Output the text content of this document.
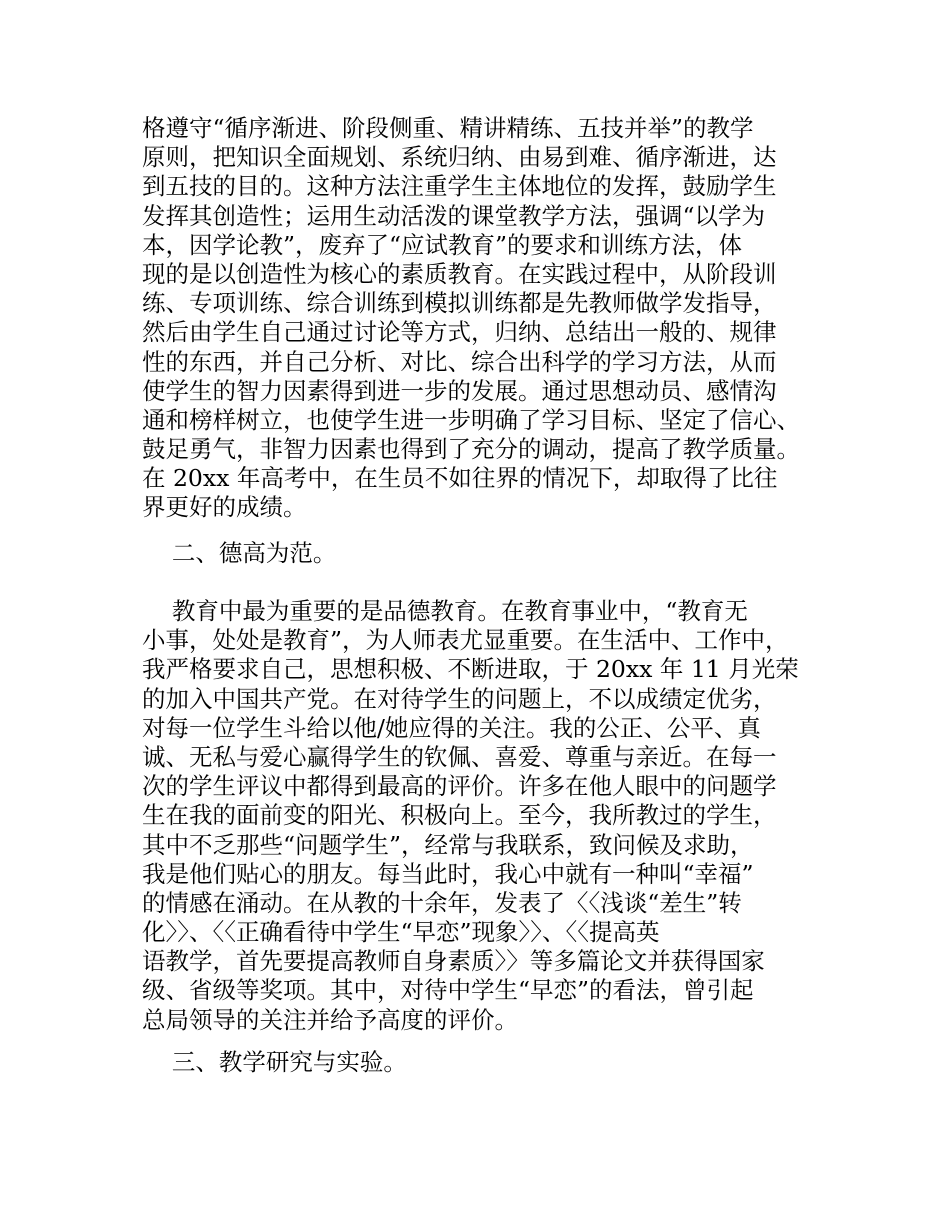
格遵守“循序渐进、阶段侧重、精讲精练、五技并举”的教学
原则，把知识全面规划、系统归纳、由易到难、循序渐进，达
到五技的目的。这种方法注重学生主体地位的发挥，鼓励学生
发挥其创造性；运用生动活泼的课堂教学方法，强调“以学为
本，因学论教”，废弃了“应试教育”的要求和训练方法，体
现的是以创造性为核心的素质教育。在实践过程中，从阶段训
练、专项训练、综合训练到模拟训练都是先教师做学发指导，
然后由学生自己通过讨论等方式，归纳、总结出一般的、规律
性的东西，并自己分析、对比、综合出科学的学习方法，从而
使学生的智力因素得到进一步的发展。通过思想动员、感情沟
通和榜样树立，也使学生进一步明确了学习目标、坚定了信心、
鼓足勇气，非智力因素也得到了充分的调动，提高了教学质量。
在 20xx 年高考中，在生员不如往界的情况下，却取得了比往
界更好的成绩。
二、德高为范。
教育中最为重要的是品德教育。在教育事业中，“教育无
小事，处处是教育”，为人师表尤显重要。在生活中、工作中，
我严格要求自己，思想积极、不断进取，于 20xx 年 11 月光荣
的加入中国共产党。在对待学生的问题上，不以成绩定优劣，
对每一位学生斗给以他/她应得的关注。我的公正、公平、真
诚、无私与爱心赢得学生的钦佩、喜爱、尊重与亲近。在每一
次的学生评议中都得到最高的评价。许多在他人眼中的问题学
生在我的面前变的阳光、积极向上。至今，我所教过的学生，
其中不乏那些“问题学生”，经常与我联系，致问候及求助，
我是他们贴心的朋友。每当此时，我心中就有一种叫“幸福”
的情感在涌动。在从教的十余年，发表了〈〈浅谈“差生”转
化〉〉、〈〈正确看待中学生“早恋”现象〉〉、〈〈提高英
语教学，首先要提高教师自身素质〉〉等多篇论文并获得国家
级、省级等奖项。其中，对待中学生“早恋”的看法，曾引起
总局领导的关注并给予高度的评价。
三、教学研究与实验。
